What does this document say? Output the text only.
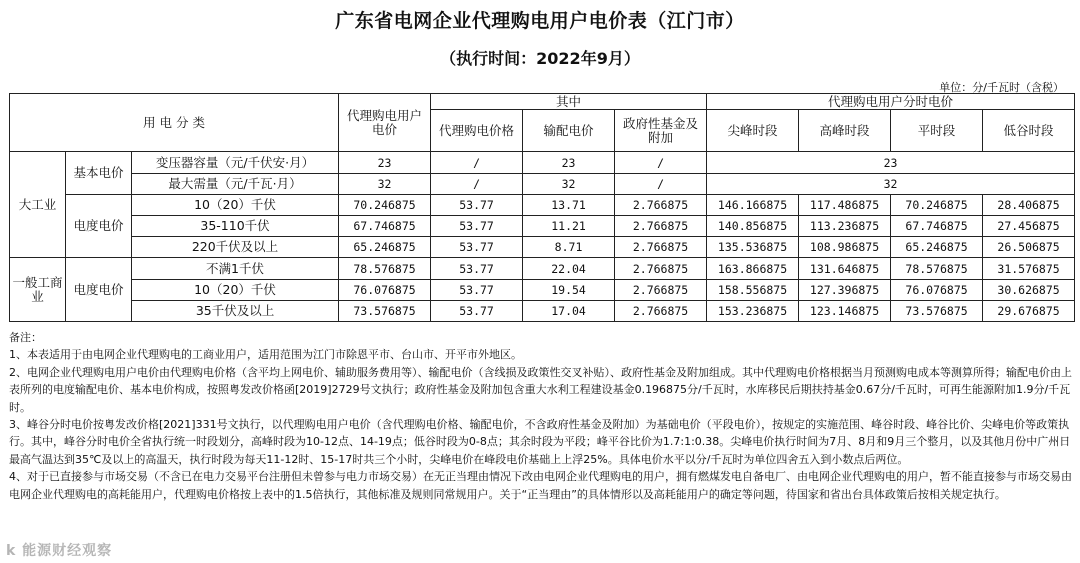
广东省电网企业代理购电用户电价表（江门市）
（执行时间：2022年9月）
单位：分/千瓦时（含税）
用 电 分 类			代理购电用户电价	其中			代理购电用户分时电价			
				代理购电价格	输配电价	政府性基金及附加	尖峰时段	高峰时段	平时段	低谷时段
大工业	基本电价	变压器容量（元/千伏安·月）	23	/	23	/	23			
		最大需量（元/千瓦·月）	32	/	32	/	32			
	电度电价	10（20）千伏	70.246875	53.77	13.71	2.766875	146.166875	117.486875	70.246875	28.406875
		35-110千伏	67.746875	53.77	11.21	2.766875	140.856875	113.236875	67.746875	27.456875
		220千伏及以上	65.246875	53.77	8.71	2.766875	135.536875	108.986875	65.246875	26.506875
一般工商业	电度电价	不满1千伏	78.576875	53.77	22.04	2.766875	163.866875	131.646875	78.576875	31.576875
		10（20）千伏	76.076875	53.77	19.54	2.766875	158.556875	127.396875	76.076875	30.626875
		35千伏及以上	73.576875	53.77	17.04	2.766875	153.236875	123.146875	73.576875	29.676875

备注：

1、本表适用于由电网企业代理购电的工商业用户，适用范围为江门市除恩平市、台山市、开平市外地区。

2、电网企业代理购电用户电价由代理购电价格（含平均上网电价、辅助服务费用等）、输配电价（含线损及政策性交叉补贴）、政府性基金及附加组成。其中代理购电价格根据当月预测购电成本等测算所得；输配电价由上表所列的电度输配电价、基本电价构成，按照粤发改价格函[2019]2729号文执行；政府性基金及附加包含重大水利工程建设基金0.196875分/千瓦时，水库移民后期扶持基金0.67分/千瓦时，可再生能源附加1.9分/千瓦时。

3、峰谷分时电价按粤发改价格[2021]331号文执行，以代理购电用户电价（含代理购电价格、输配电价，不含政府性基金及附加）为基础电价（平段电价），按规定的实施范围、峰谷时段、峰谷比价、尖峰电价等政策执行。其中，峰谷分时电价全省执行统一时段划分，高峰时段为10-12点、14-19点；低谷时段为0-8点；其余时段为平段；峰平谷比价为1.7:1:0.38。尖峰电价执行时间为7月、8月和9月三个整月，以及其他月份中广州日最高气温达到35℃及以上的高温天，执行时段为每天11-12时、15-17时共三个小时，尖峰电价在峰段电价基础上上浮25%。具体电价水平以分/千瓦时为单位四舍五入到小数点后两位。

4、对于已直接参与市场交易（不含已在电力交易平台注册但未曾参与电力市场交易）在无正当理由情况下改由电网企业代理购电的用户，拥有燃煤发电自备电厂、由电网企业代理购电的用户，暂不能直接参与市场交易由电网企业代理购电的高耗能用户，代理购电价格按上表中的1.5倍执行，其他标准及规则同常规用户。关于“正当理由”的具体情形以及高耗能用户的确定等问题，待国家和省出台具体政策后按相关规定执行。

k 能源财经观察
